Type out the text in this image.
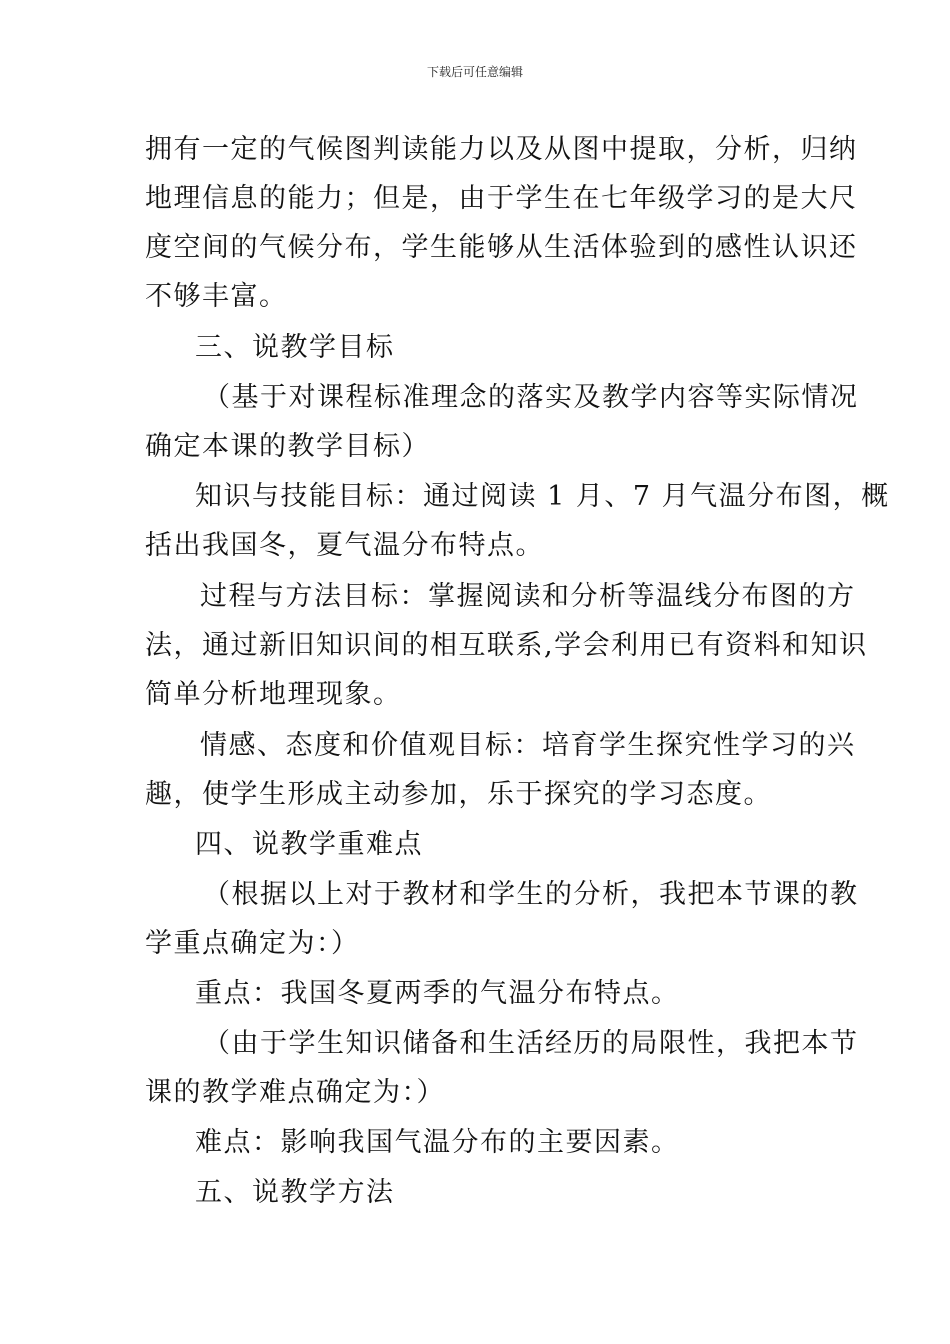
下载后可任意编辑
拥有一定的气候图判读能力以及从图中提取，分析，归纳
地理信息的能力；但是，由于学生在七年级学习的是大尺
度空间的气候分布，学生能够从生活体验到的感性认识还
不够丰富。
三、说教学目标
（基于对课程标准理念的落实及教学内容等实际情况
确定本课的教学目标）
知识与技能目标：通过阅读 1 月、7 月气温分布图，概
括出我国冬，夏气温分布特点。
过程与方法目标：掌握阅读和分析等温线分布图的方
法，通过新旧知识间的相互联系,学会利用已有资料和知识
简单分析地理现象。
情感、态度和价值观目标：培育学生探究性学习的兴
趣，使学生形成主动参加，乐于探究的学习态度。
四、说教学重难点
（根据以上对于教材和学生的分析，我把本节课的教
学重点确定为：）
重点：我国冬夏两季的气温分布特点。
（由于学生知识储备和生活经历的局限性，我把本节
课的教学难点确定为：）
难点：影响我国气温分布的主要因素。
五、说教学方法
